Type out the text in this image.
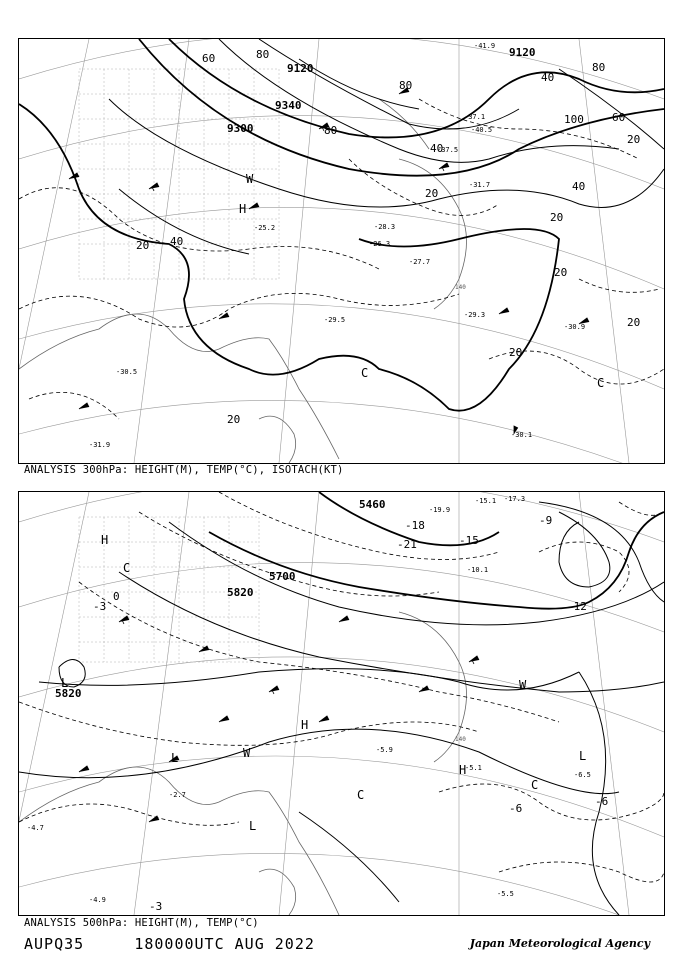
9120
9120
9340
9300
80
80
80
60
40
40
40
20
20
20
20
20
20
20
40
60
80
100
20
H
W
C
C
-29.3
-30.9
-30.1
-31.9
-30.5
-29.5
-28.3
-27.7
-26.3
-25.2
-37.1
-37.5
-31.7
-40.5
-41.9
140
ANALYSIS 300hPa: HEIGHT(M), TEMP(°C), ISOTACH(KT)
5700
5820
5820
5460
-21
-18
-15
-12
-9
-6
-3
0
-3
-6
H
H
H
L
L
L
L
W
W
C
C
C
-4.7
-5.5
-6.5
-5.9
-4.9
-2.7
-5.1
-10.1
-19.9
-17.3
-15.1
140
ANALYSIS 500hPa: HEIGHT(M), TEMP(°C)
AUPQ35	180000UTC AUG 2022	Japan Meteorological Agency
